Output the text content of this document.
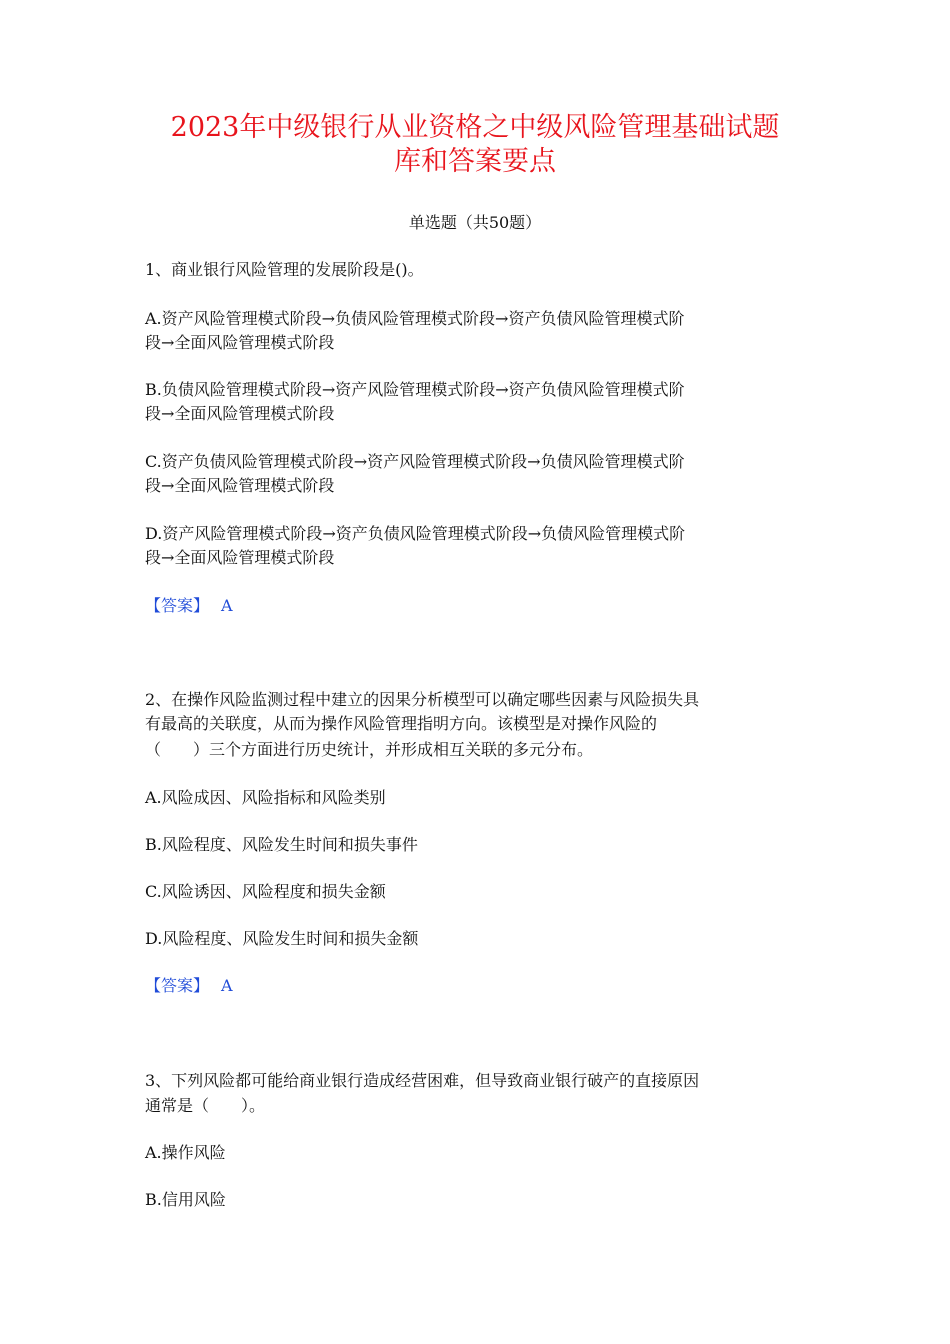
2023年中级银行从业资格之中级风险管理基础试题
库和答案要点
单选题（共50题）
1、商业银行风险管理的发展阶段是()。
A.资产风险管理模式阶段→负债风险管理模式阶段→资产负债风险管理模式阶
段→全面风险管理模式阶段
B.负债风险管理模式阶段→资产风险管理模式阶段→资产负债风险管理模式阶
段→全面风险管理模式阶段
C.资产负债风险管理模式阶段→资产风险管理模式阶段→负债风险管理模式阶
段→全面风险管理模式阶段
D.资产风险管理模式阶段→资产负债风险管理模式阶段→负债风险管理模式阶
段→全面风险管理模式阶段
【答案】 A
2、在操作风险监测过程中建立的因果分析模型可以确定哪些因素与风险损失具
有最高的关联度，从而为操作风险管理指明方向。该模型是对操作风险的
（　　）三个方面进行历史统计，并形成相互关联的多元分布。
A.风险成因、风险指标和风险类别
B.风险程度、风险发生时间和损失事件
C.风险诱因、风险程度和损失金额
D.风险程度、风险发生时间和损失金额
【答案】 A
3、下列风险都可能给商业银行造成经营困难，但导致商业银行破产的直接原因
通常是（　　）。
A.操作风险
B.信用风险
